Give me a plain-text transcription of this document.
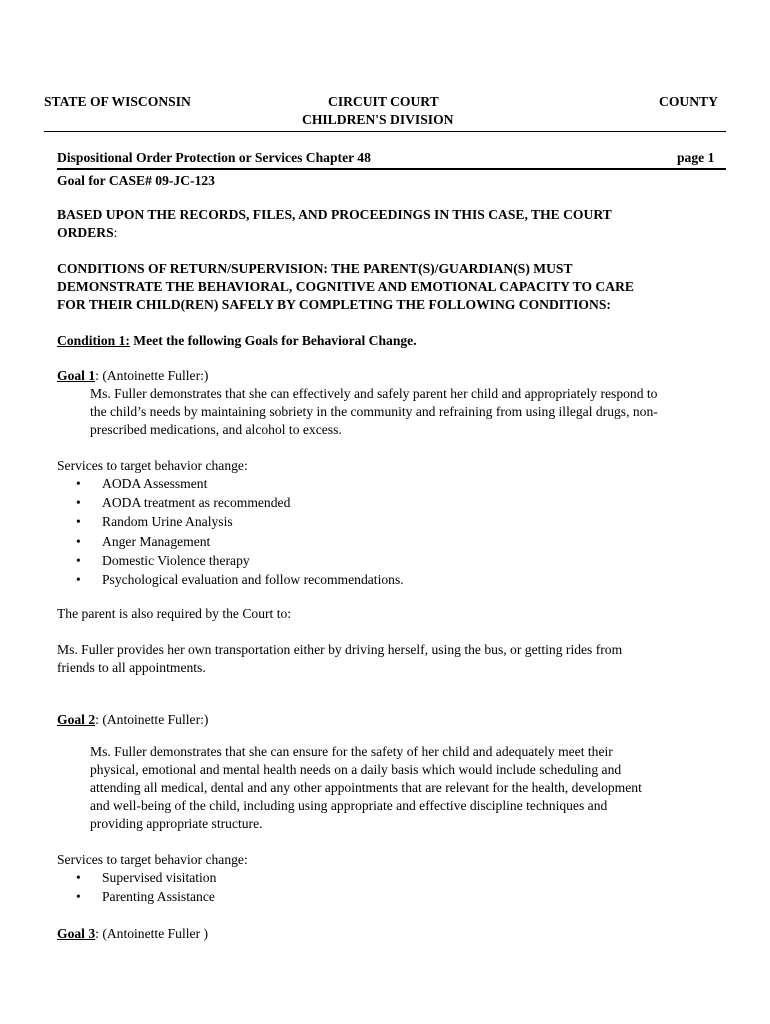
STATE OF WISCONSIN	CIRCUIT COURT
CHILDREN'S DIVISION
COUNTY
Dispositional Order Protection or Services Chapter 48	page 1
Goal for CASE# 09-JC-123
BASED UPON THE RECORDS, FILES, AND PROCEEDINGS IN THIS CASE, THE COURT
ORDERS:
CONDITIONS OF RETURN/SUPERVISION: THE PARENT(S)/GUARDIAN(S) MUST
DEMONSTRATE THE BEHAVIORAL, COGNITIVE AND EMOTIONAL CAPACITY TO CARE
FOR THEIR CHILD(REN) SAFELY BY COMPLETING THE FOLLOWING CONDITIONS:
Condition 1: Meet the following Goals for Behavioral Change.
Goal 1: (Antoinette Fuller:)
Ms. Fuller demonstrates that she can effectively and safely parent her child and appropriately respond to
the child’s needs by maintaining sobriety in the community and refraining from using illegal drugs, non-
prescribed medications, and alcohol to excess.
Services to target behavior change:
• AODA Assessment
• AODA treatment as recommended
• Random Urine Analysis
• Anger Management
• Domestic Violence therapy
• Psychological evaluation and follow recommendations.
The parent is also required by the Court to:
Ms. Fuller provides her own transportation either by driving herself, using the bus, or getting rides from
friends to all appointments.
Goal 2: (Antoinette Fuller:)
Ms. Fuller demonstrates that she can ensure for the safety of her child and adequately meet their
physical, emotional and mental health needs on a daily basis which would include scheduling and
attending all medical, dental and any other appointments that are relevant for the health, development
and well-being of the child, including using appropriate and effective discipline techniques and
providing appropriate structure.
Services to target behavior change:
• Supervised visitation
• Parenting Assistance
Goal 3: (Antoinette Fuller )
